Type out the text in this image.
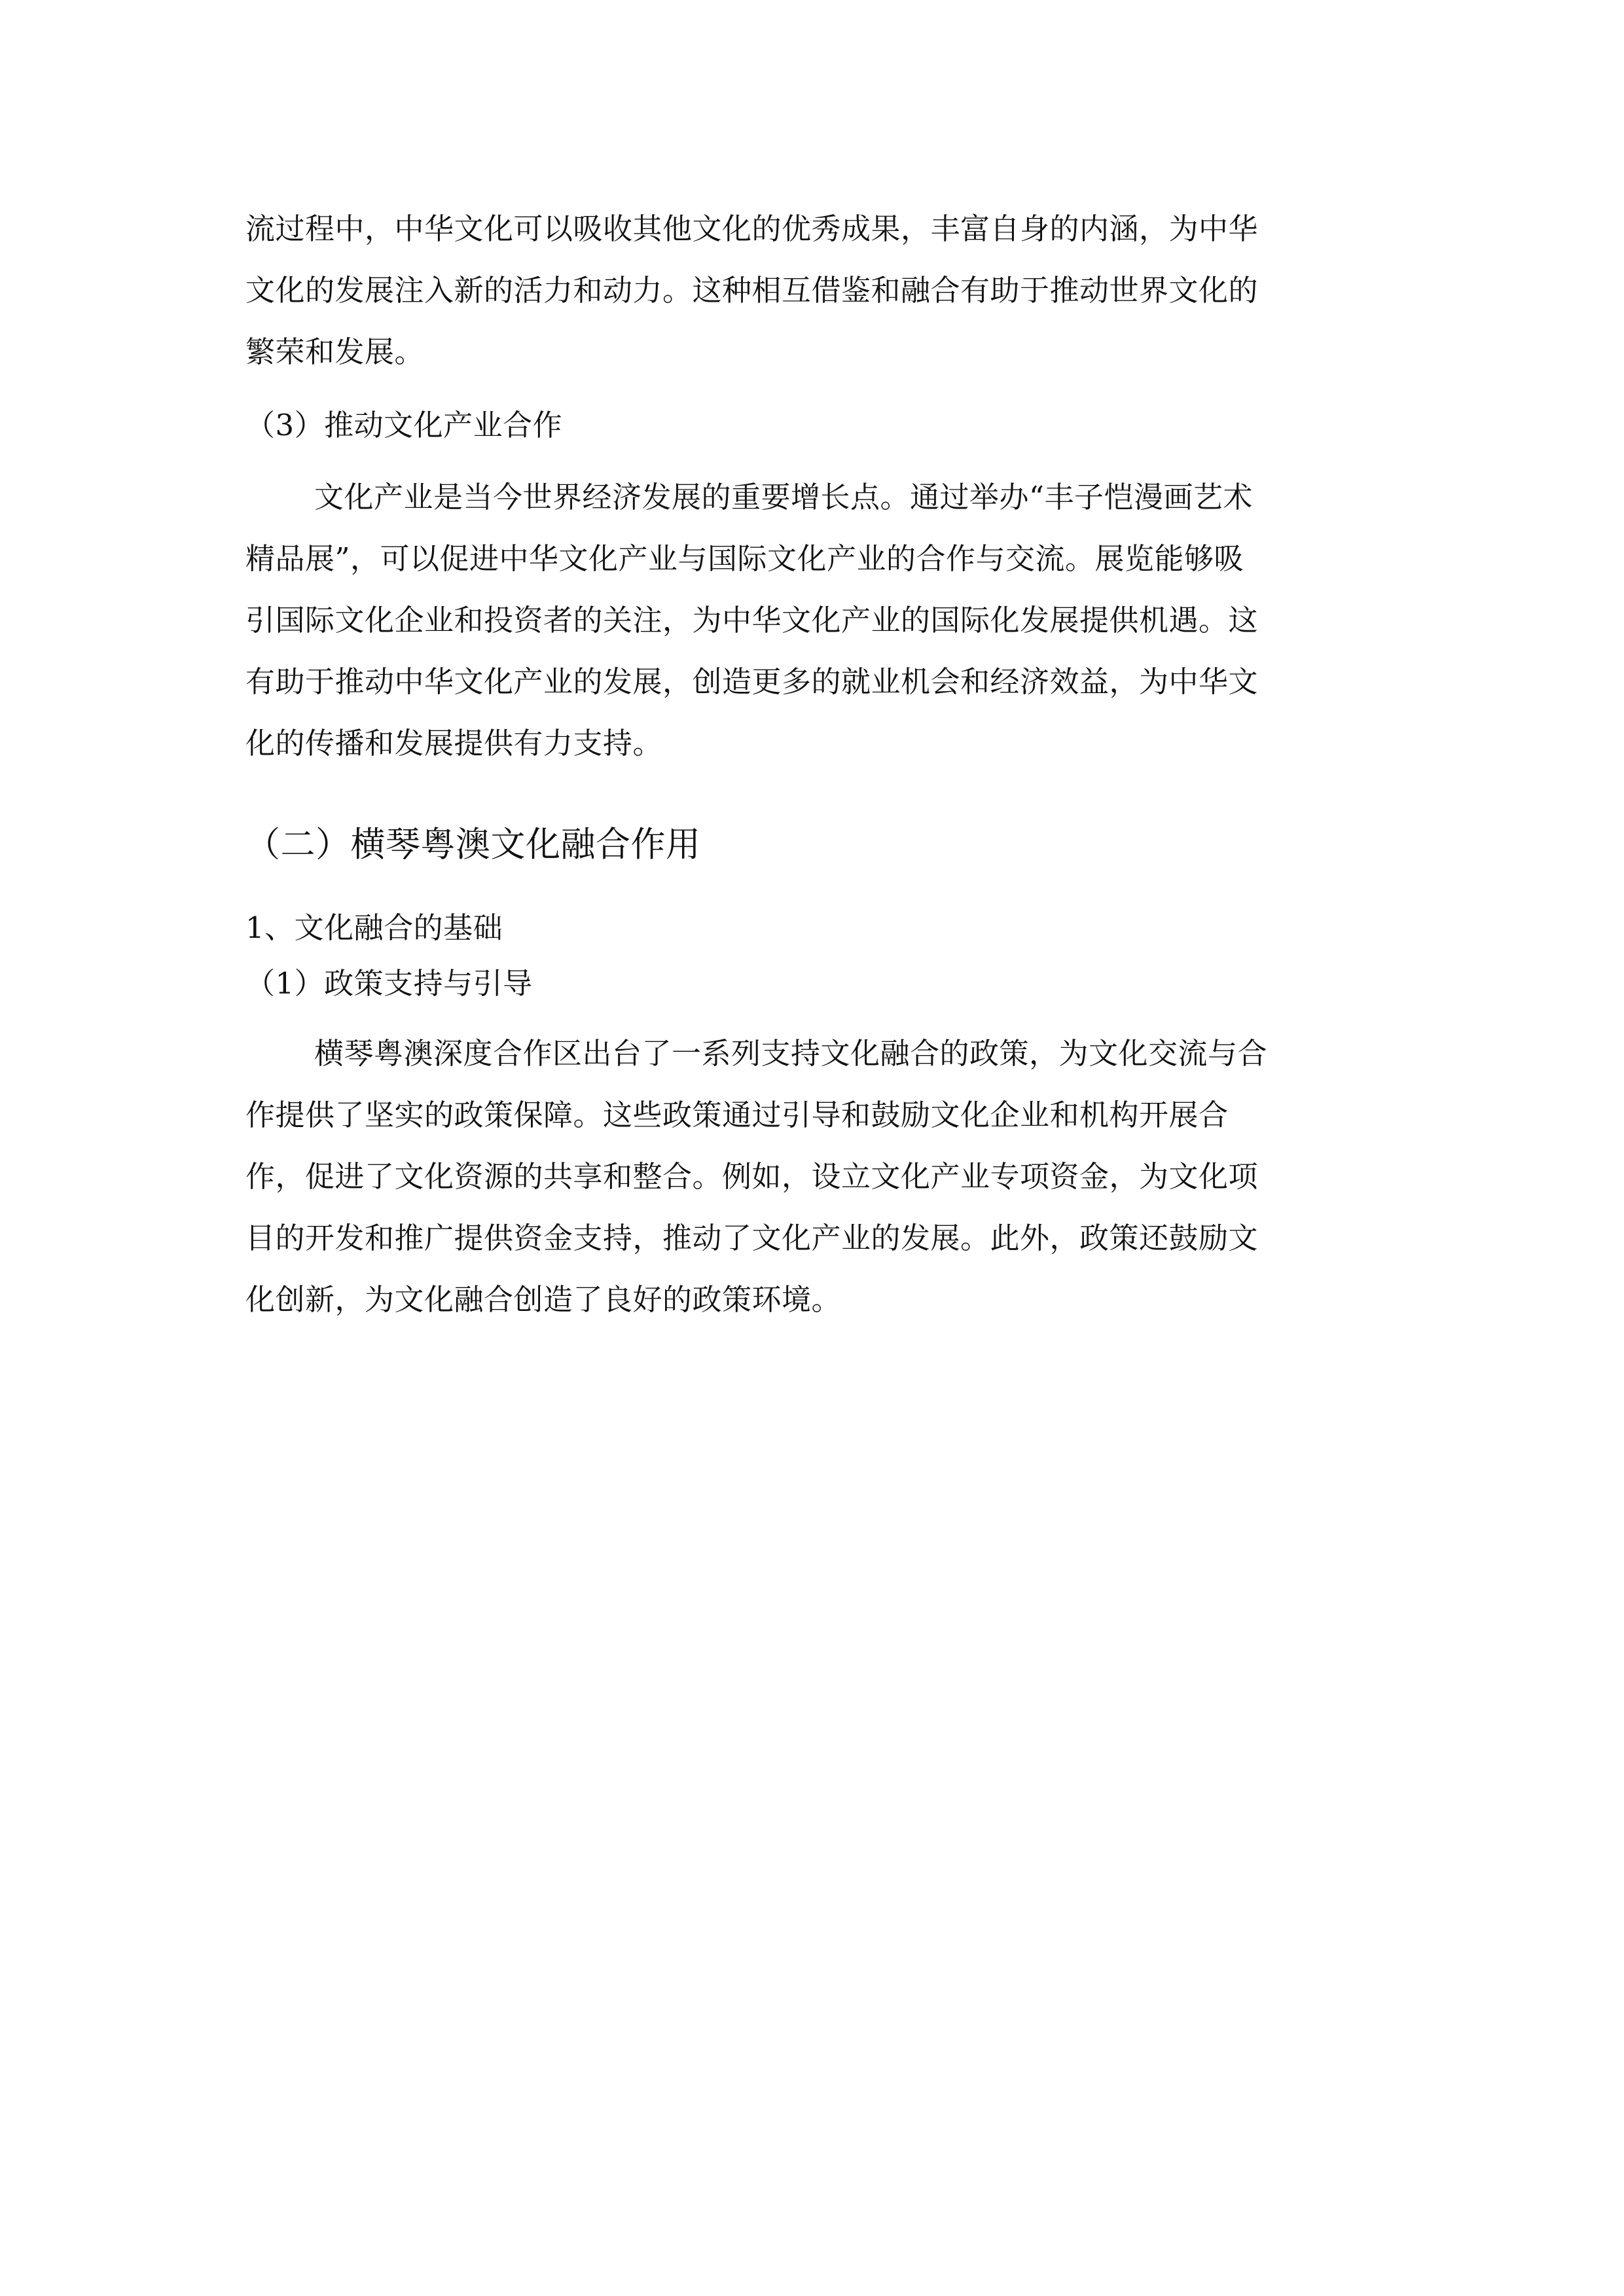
流过程中，中华文化可以吸收其他文化的优秀成果，丰富自身的内涵，为中华
文化的发展注入新的活力和动力。这种相互借鉴和融合有助于推动世界文化的
繁荣和发展。
（3）推动文化产业合作
文化产业是当今世界经济发展的重要增长点。通过举办“丰子恺漫画艺术
精品展”，可以促进中华文化产业与国际文化产业的合作与交流。展览能够吸
引国际文化企业和投资者的关注，为中华文化产业的国际化发展提供机遇。这
有助于推动中华文化产业的发展，创造更多的就业机会和经济效益，为中华文
化的传播和发展提供有力支持。
（二）横琴粤澳文化融合作用
1、文化融合的基础
（1）政策支持与引导
横琴粤澳深度合作区出台了一系列支持文化融合的政策，为文化交流与合
作提供了坚实的政策保障。这些政策通过引导和鼓励文化企业和机构开展合
作，促进了文化资源的共享和整合。例如，设立文化产业专项资金，为文化项
目的开发和推广提供资金支持，推动了文化产业的发展。此外，政策还鼓励文
化创新，为文化融合创造了良好的政策环境。
